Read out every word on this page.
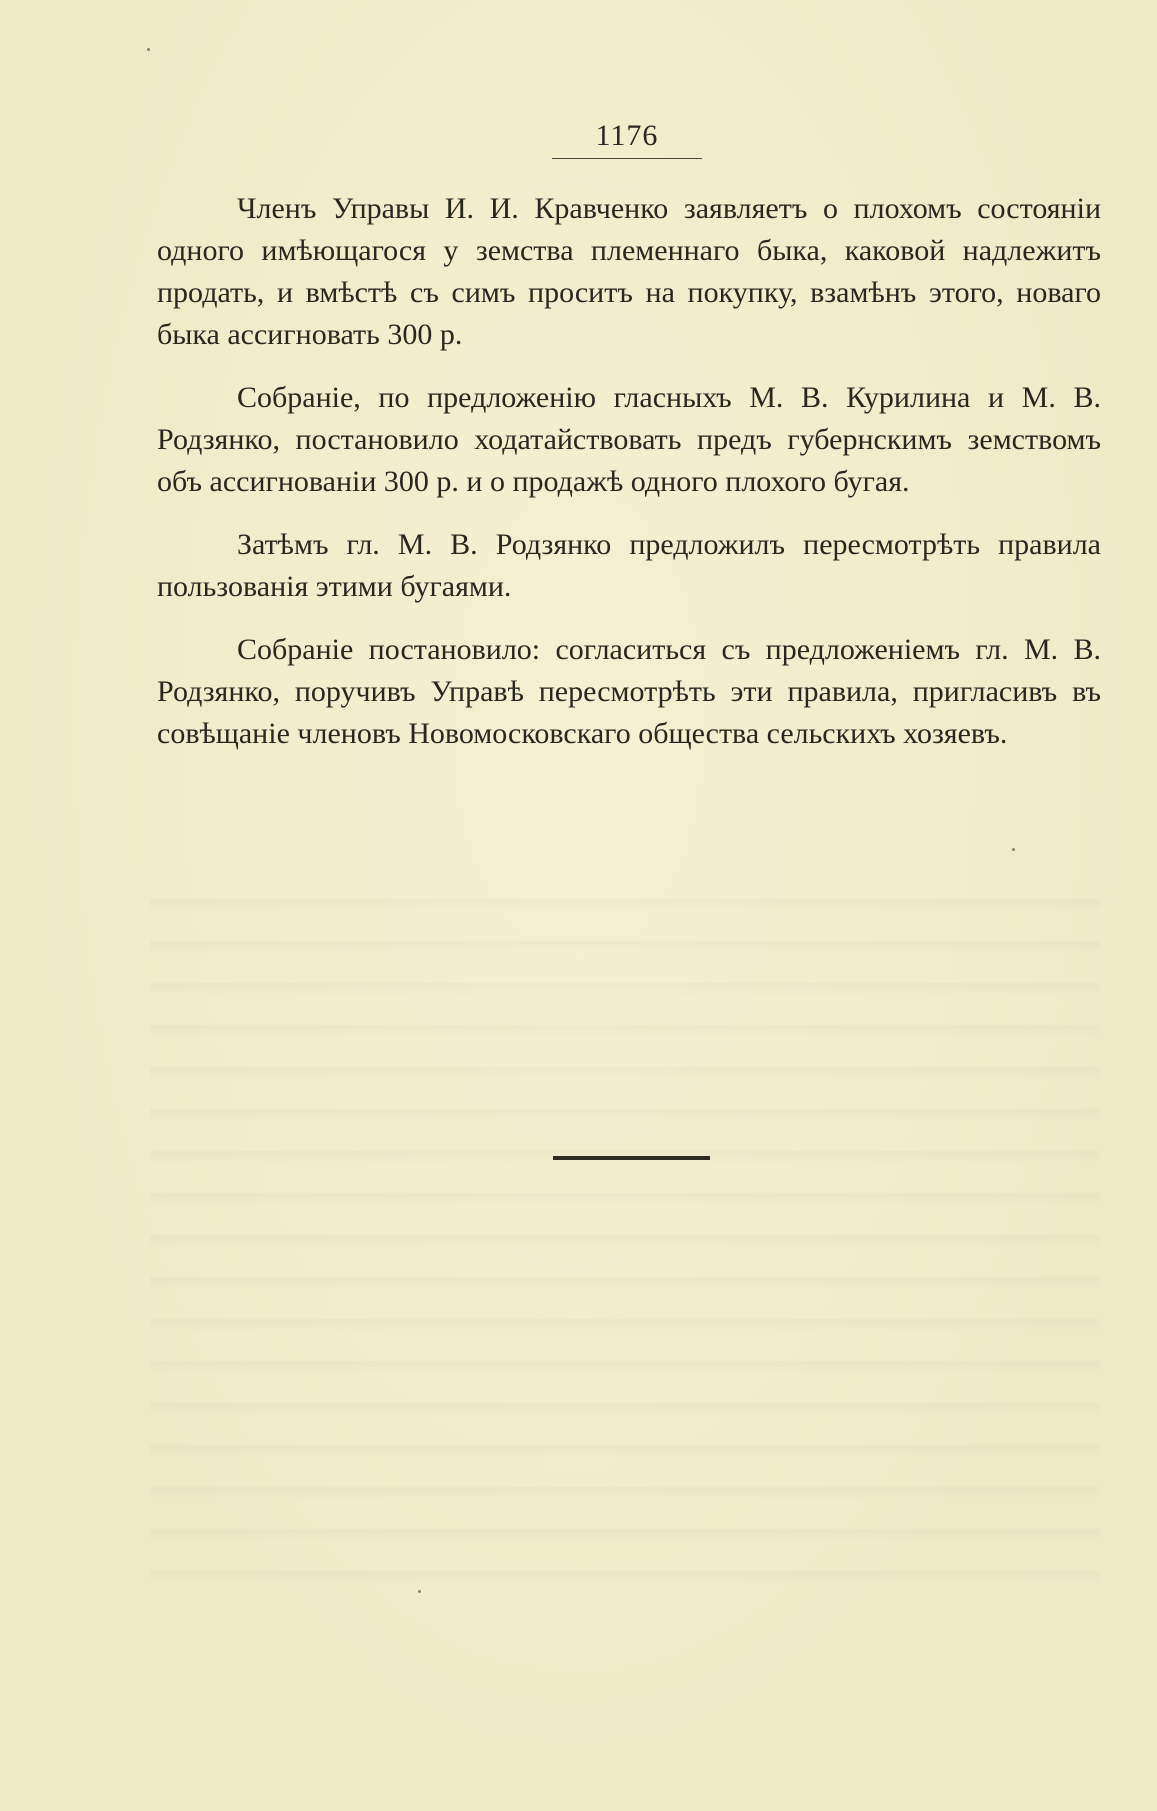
1176

Членъ Управы И. И. Кравченко заявляетъ о плохомъ состояніи одного имѣющагося у земства племеннаго быка, каковой надлежитъ продать, и вмѣстѣ съ симъ проситъ на покупку, взамѣнъ этого, новаго быка ассигновать 300 р.

Собраніе, по предложенію гласныхъ М. В. Курилина и М. В. Родзянко, постановило ходатайствовать предъ губернскимъ земствомъ объ ассигнованіи 300 р. и о продажѣ одного плохого бугая.

Затѣмъ гл. М. В. Родзянко предложилъ пересмотрѣть правила пользованія этими бугаями.

Собраніе постановило: согласиться съ предложеніемъ гл. М. В. Родзянко, поручивъ Управѣ пересмотрѣть эти правила, пригласивъ въ совѣщаніе членовъ Новомосковскаго общества сельскихъ хозяевъ.
